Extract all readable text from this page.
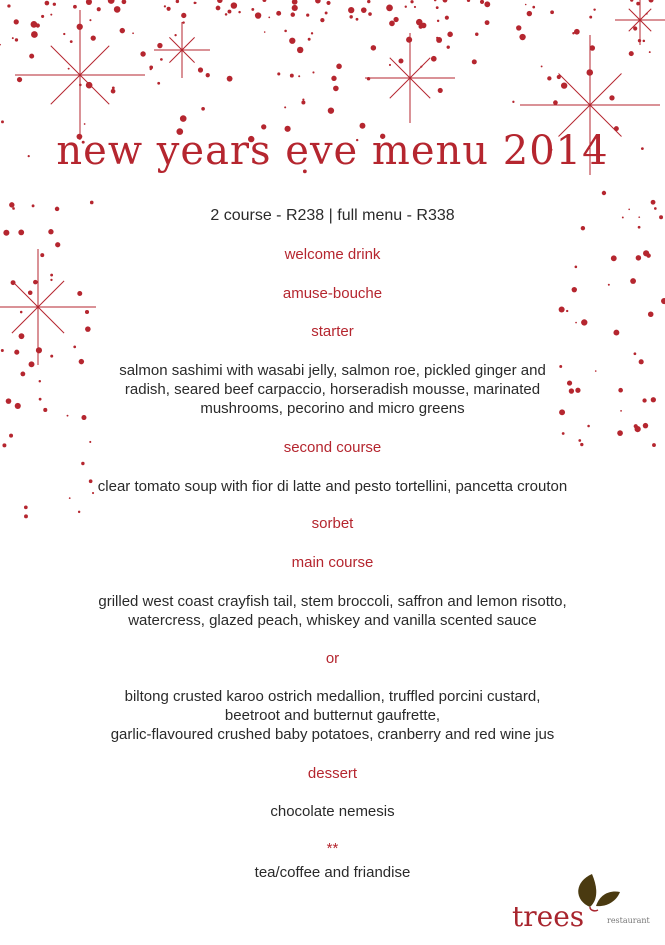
new years eve menu 2014
2 course - R238 | full menu - R338
welcome drink
amuse-bouche
starter
salmon sashimi with wasabi jelly, salmon roe, pickled ginger and
radish, seared beef carpaccio, horseradish mousse, marinated
mushrooms, pecorino and micro greens
second course
clear tomato soup with fior di latte and pesto tortellini, pancetta crouton
sorbet
main course
grilled west coast crayfish tail, stem broccoli, saffron and lemon risotto,
watercress, glazed peach, whiskey and vanilla scented sauce
or
biltong crusted karoo ostrich medallion, truffled porcini custard,
beetroot and butternut gaufrette,
garlic-flavoured crushed baby potatoes, cranberry and red wine jus
dessert
chocolate nemesis
**
tea/coffee and friandise
trees	restaurant
